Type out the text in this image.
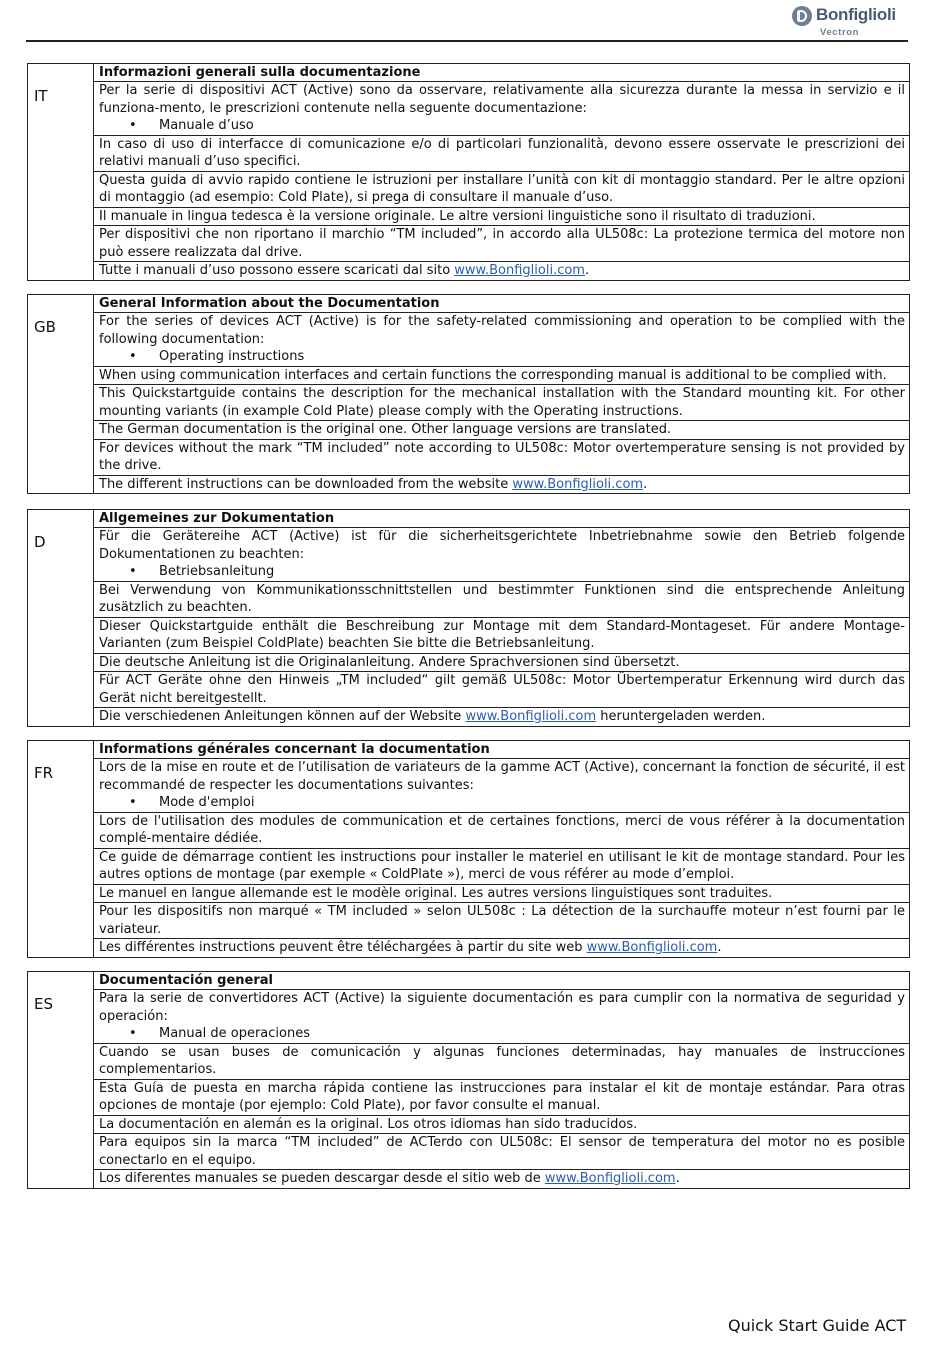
Bonfiglioli
Vectron
IT
Informazioni generali sulla documentazione
Per la serie di dispositivi ACT (Active) sono da osservare, relativamente alla sicurezza durante la messa in servizio e il funziona-mento, le prescrizioni contenute nella seguente documentazione:
• Manuale d’uso
In caso di uso di interfacce di comunicazione e/o di particolari funzionalità, devono essere osservate le prescrizioni dei relativi manuali d’uso specifici.
Questa guida di avvio rapido contiene le istruzioni per installare l’unità con kit di montaggio standard. Per le altre opzioni di montaggio (ad esempio: Cold Plate), si prega di consultare il manuale d’uso.
Il manuale in lingua tedesca è la versione originale. Le altre versioni linguistiche sono il risultato di traduzioni.
Per dispositivi che non riportano il marchio “TM included”, in accordo alla UL508c: La protezione termica del motore non può essere realizzata dal drive.
Tutte i manuali d’uso possono essere scaricati dal sito www.Bonfiglioli.com.
GB
General Information about the Documentation
For the series of devices ACT (Active) is for the safety-related commissioning and operation to be complied with the following documentation:
• Operating instructions
When using communication interfaces and certain functions the corresponding manual is additional to be complied with.
This Quickstartguide contains the description for the mechanical installation with the Standard mounting kit. For other mounting variants (in example Cold Plate) please comply with the Operating instructions.
The German documentation is the original one. Other language versions are translated.
For devices without the mark “TM included” note according to UL508c: Motor overtemperature sensing is not provided by the drive.
The different instructions can be downloaded from the website www.Bonfiglioli.com.
D
Allgemeines zur Dokumentation
Für die Gerätereihe ACT (Active) ist für die sicherheitsgerichtete Inbetriebnahme sowie den Betrieb folgende Dokumentationen zu beachten:
• Betriebsanleitung
Bei Verwendung von Kommunikationsschnittstellen und bestimmter Funktionen sind die entsprechende Anleitung zusätzlich zu beachten.
Dieser Quickstartguide enthält die Beschreibung zur Montage mit dem Standard-Montageset. Für andere Montage-Varianten (zum Beispiel ColdPlate) beachten Sie bitte die Betriebsanleitung.
Die deutsche Anleitung ist die Originalanleitung. Andere Sprachversionen sind übersetzt.
Für ACT Geräte ohne den Hinweis „TM included“ gilt gemäß UL508c: Motor Übertemperatur Erkennung wird durch das Gerät nicht bereitgestellt.
Die verschiedenen Anleitungen können auf der Website www.Bonfiglioli.com heruntergeladen werden.
FR
Informations générales concernant la documentation
Lors de la mise en route et de l’utilisation de variateurs de la gamme ACT (Active), concernant la fonction de sécurité, il est recommandé de respecter les documentations suivantes:
• Mode d'emploi
Lors de l'utilisation des modules de communication et de certaines fonctions, merci de vous référer à la documentation complé-mentaire dédiée.
Ce guide de démarrage contient les instructions pour installer le materiel en utilisant le kit de montage standard. Pour les autres options de montage (par exemple « ColdPlate »), merci de vous référer au mode d’emploi.
Le manuel en langue allemande est le modèle original. Les autres versions linguistiques sont traduites.
Pour les dispositifs non marqué « TM included » selon UL508c : La détection de la surchauffe moteur n’est fourni par le variateur.
Les différentes instructions peuvent être téléchargées à partir du site web www.Bonfiglioli.com.
ES
Documentación general
Para la serie de convertidores ACT (Active) la siguiente documentación es para cumplir con la normativa de seguridad y operación:
• Manual de operaciones
Cuando se usan buses de comunicación y algunas funciones determinadas, hay manuales de instrucciones complementarios.
Esta Guía de puesta en marcha rápida contiene las instrucciones para instalar el kit de montaje estándar. Para otras opciones de montaje (por ejemplo: Cold Plate), por favor consulte el manual.
La documentación en alemán es la original. Los otros idiomas han sido traducidos.
Para equipos sin la marca “TM included” de ACTerdo con UL508c: El sensor de temperatura del motor no es posible conectarlo en el equipo.
Los diferentes manuales se pueden descargar desde el sitio web de www.Bonfiglioli.com.
Quick Start Guide ACT
